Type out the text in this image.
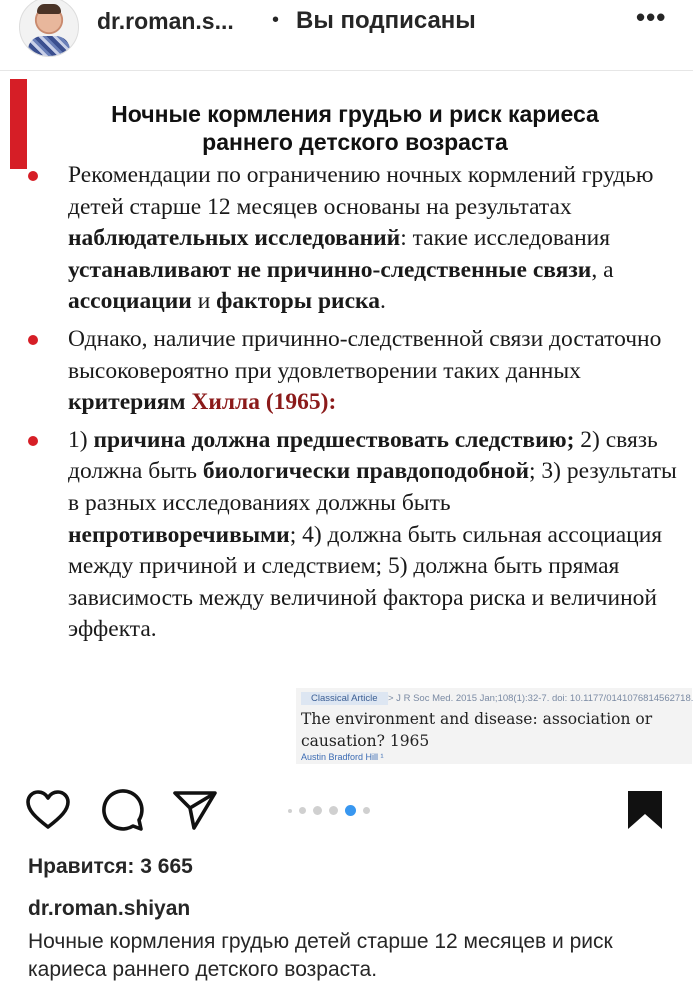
dr.roman.s... • Вы подписаны	•••
Ночные кормления грудью и риск кариеса раннего детского возраста
Рекомендации по ограничению ночных кормлений грудью детей старше 12 месяцев основаны на результатах наблюдательных исследований: такие исследования устанавливают не причинно-следственные связи, а ассоциации и факторы риска.
Однако, наличие причинно-следственной связи достаточно высоковероятно при удовлетворении таких данных критериям Хилла (1965):
1) причина должна предшествовать следствию; 2) связь должна быть биологически правдоподобной; 3) результаты в разных исследованиях должны быть непротиворечивыми; 4) должна быть сильная ассоциация между причиной и следствием; 5) должна быть прямая зависимость между величиной фактора риска и величиной эффекта.
Classical Article	> J R Soc Med. 2015 Jan;108(1):32-7. doi: 10.1177/0141076814562718.
The environment and disease: association or causation? 1965
Austin Bradford Hill ¹
Нравится: 3 665
dr.roman.shiyan
Ночные кормления грудью детей старше 12 месяцев и риск кариеса раннего детского возраста.
